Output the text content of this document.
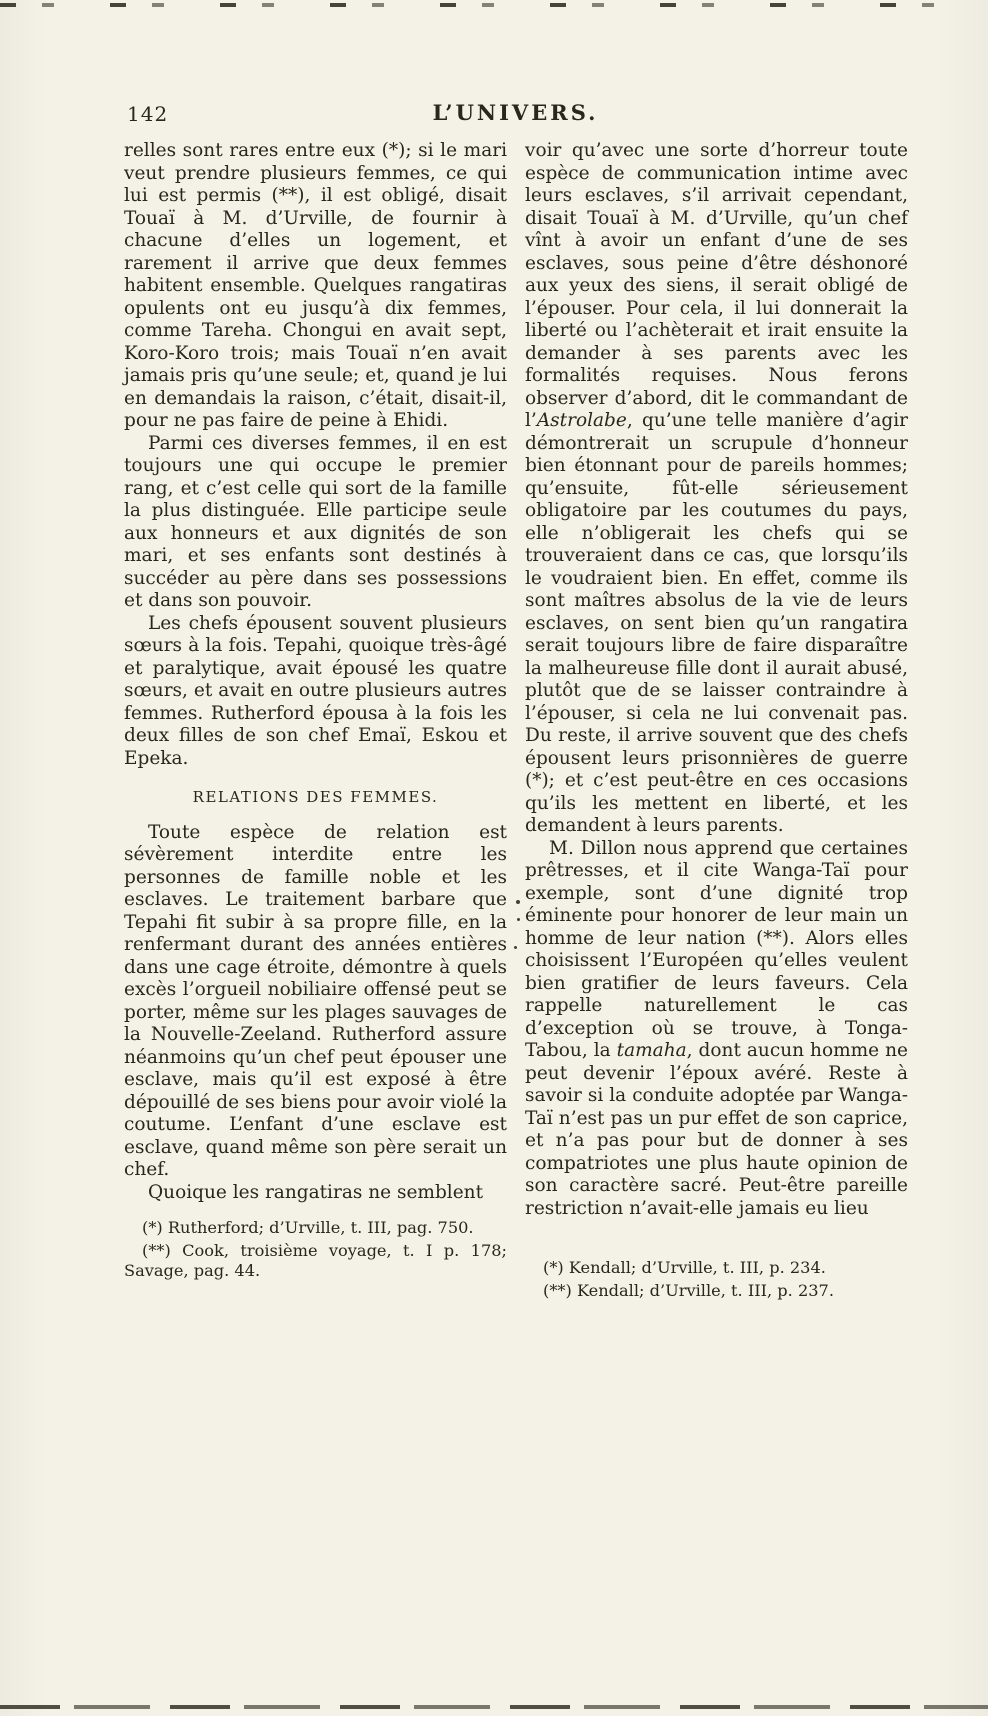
142	L’UNIVERS.

relles sont rares entre eux (*); si le mari veut prendre plusieurs femmes, ce qui lui est permis (**), il est obligé, disait Touaï à M. d’Urville, de fournir à chacune d’elles un logement, et rarement il arrive que deux femmes habitent ensemble. Quelques rangatiras opulents ont eu jusqu’à dix femmes, comme Tareha. Chongui en avait sept, Koro-Koro trois; mais Touaï n’en avait jamais pris qu’une seule; et, quand je lui en demandais la raison, c’était, disait-il, pour ne pas faire de peine à Ehidi.

Parmi ces diverses femmes, il en est toujours une qui occupe le premier rang, et c’est celle qui sort de la famille la plus distinguée. Elle participe seule aux honneurs et aux dignités de son mari, et ses enfants sont destinés à succéder au père dans ses possessions et dans son pouvoir.

Les chefs épousent souvent plusieurs sœurs à la fois. Tepahi, quoique très-âgé et paralytique, avait épousé les quatre sœurs, et avait en outre plusieurs autres femmes. Rutherford épousa à la fois les deux filles de son chef Emaï, Eskou et Epeka.

RELATIONS DES FEMMES.

Toute espèce de relation est sévèrement interdite entre les personnes de famille noble et les esclaves. Le traitement barbare que Tepahi fit subir à sa propre fille, en la renfermant durant des années entières dans une cage étroite, démontre à quels excès l’orgueil nobiliaire offensé peut se porter, même sur les plages sauvages de la Nouvelle-Zeeland. Rutherford assure néanmoins qu’un chef peut épouser une esclave, mais qu’il est exposé à être dépouillé de ses biens pour avoir violé la coutume. L’enfant d’une esclave est esclave, quand même son père serait un chef.

Quoique les rangatiras ne semblent

(*) Rutherford; d’Urville, t. III, pag. 750.

(**) Cook, troisième voyage, t. I p. 178; Savage, pag. 44.

voir qu’avec une sorte d’horreur toute espèce de communication intime avec leurs esclaves, s’il arrivait cependant, disait Touaï à M. d’Urville, qu’un chef vînt à avoir un enfant d’une de ses esclaves, sous peine d’être déshonoré aux yeux des siens, il serait obligé de l’épouser. Pour cela, il lui donnerait la liberté ou l’achèterait et irait ensuite la demander à ses parents avec les formalités requises. Nous ferons observer d’abord, dit le commandant de l’Astrolabe, qu’une telle manière d’agir démontrerait un scrupule d’honneur bien étonnant pour de pareils hommes; qu’ensuite, fût-elle sérieusement obligatoire par les coutumes du pays, elle n’obligerait les chefs qui se trouveraient dans ce cas, que lorsqu’ils le voudraient bien. En effet, comme ils sont maîtres absolus de la vie de leurs esclaves, on sent bien qu’un rangatira serait toujours libre de faire disparaître la malheureuse fille dont il aurait abusé, plutôt que de se laisser contraindre à l’épouser, si cela ne lui convenait pas. Du reste, il arrive souvent que des chefs épousent leurs prisonnières de guerre (*); et c’est peut-être en ces occasions qu’ils les mettent en liberté, et les demandent à leurs parents.

M. Dillon nous apprend que certaines prêtresses, et il cite Wanga-Taï pour exemple, sont d’une dignité trop éminente pour honorer de leur main un homme de leur nation (**). Alors elles choisissent l’Européen qu’elles veulent bien gratifier de leurs faveurs. Cela rappelle naturellement le cas d’exception où se trouve, à Tonga-Tabou, la tamaha, dont aucun homme ne peut devenir l’époux avéré. Reste à savoir si la conduite adoptée par Wanga-Taï n’est pas un pur effet de son caprice, et n’a pas pour but de donner à ses compatriotes une plus haute opinion de son caractère sacré. Peut-être pareille restriction n’avait-elle jamais eu lieu

(*) Kendall; d’Urville, t. III, p. 234.

(**) Kendall; d’Urville, t. III, p. 237.
